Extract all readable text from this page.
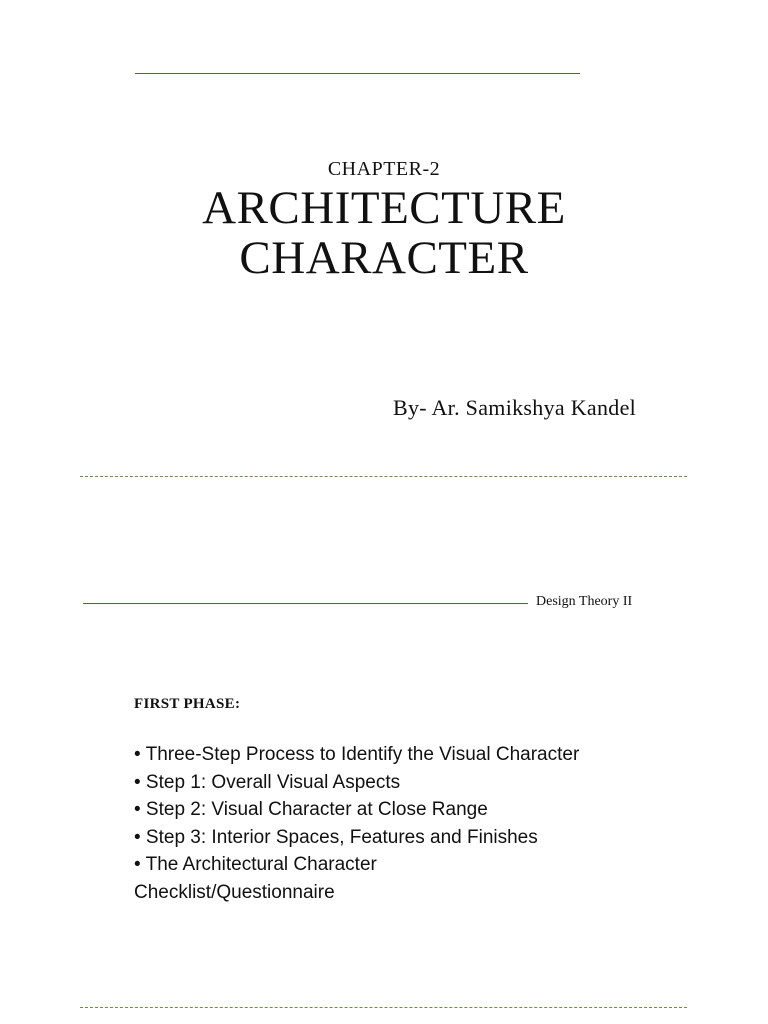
CHAPTER-2
ARCHITECTURE
CHARACTER
By- Ar. Samikshya Kandel
Design Theory II
FIRST PHASE:
• Three-Step Process to Identify the Visual Character
• Step 1: Overall Visual Aspects
• Step 2: Visual Character at Close Range
• Step 3: Interior Spaces, Features and Finishes
• The Architectural Character
Checklist/Questionnaire
